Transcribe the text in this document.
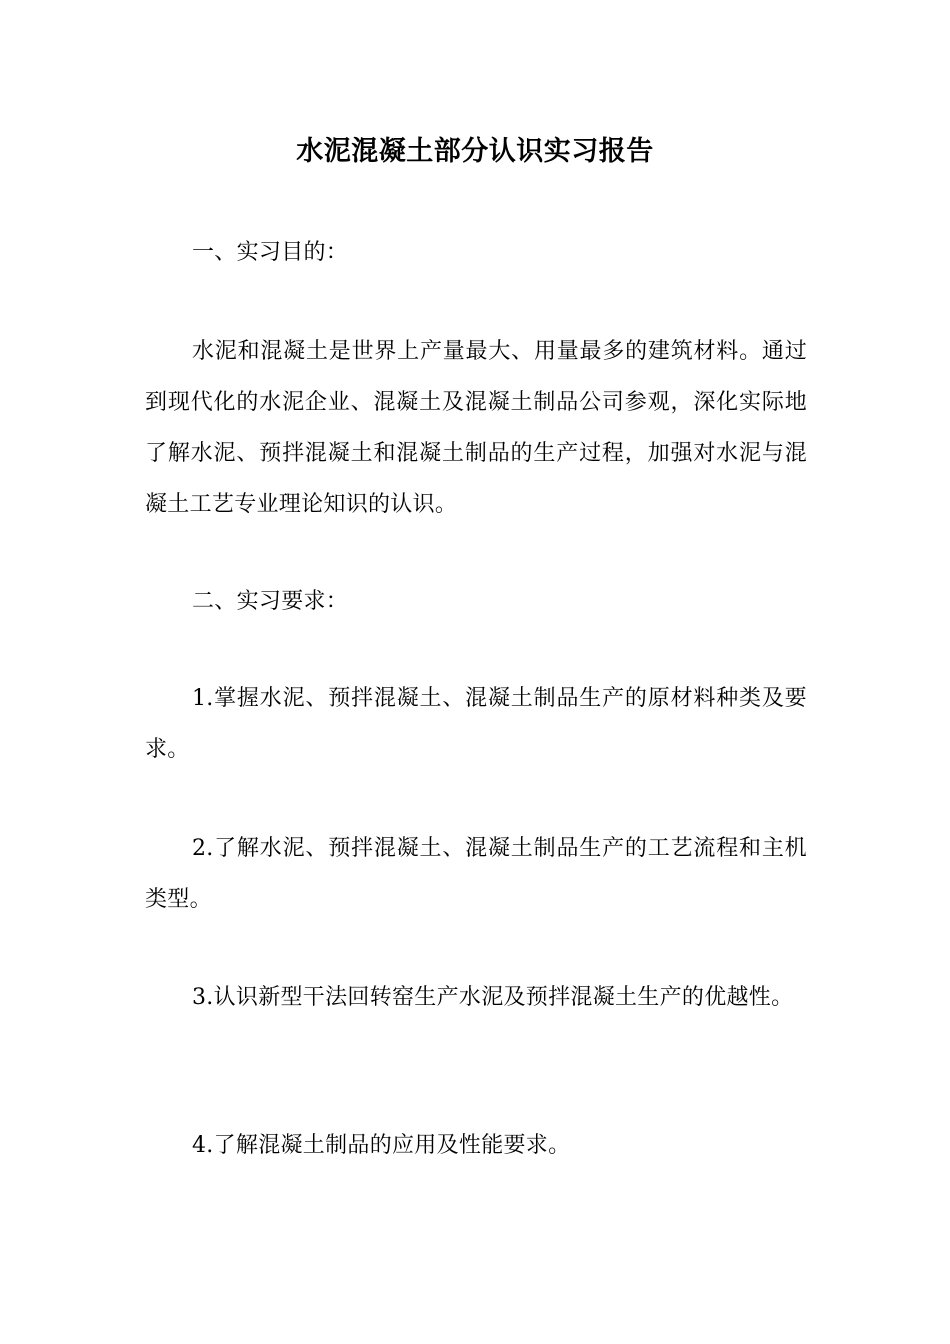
水泥混凝土部分认识实习报告

一、实习目的：

水泥和混凝土是世界上产量最大、用量最多的建筑材料。通过到现代化的水泥企业、混凝土及混凝土制品公司参观，深化实际地了解水泥、预拌混凝土和混凝土制品的生产过程，加强对水泥与混凝土工艺专业理论知识的认识。

二、实习要求：

1.掌握水泥、预拌混凝土、混凝土制品生产的原材料种类及要求。

2.了解水泥、预拌混凝土、混凝土制品生产的工艺流程和主机类型。

3.认识新型干法回转窑生产水泥及预拌混凝土生产的优越性。

4.了解混凝土制品的应用及性能要求。
